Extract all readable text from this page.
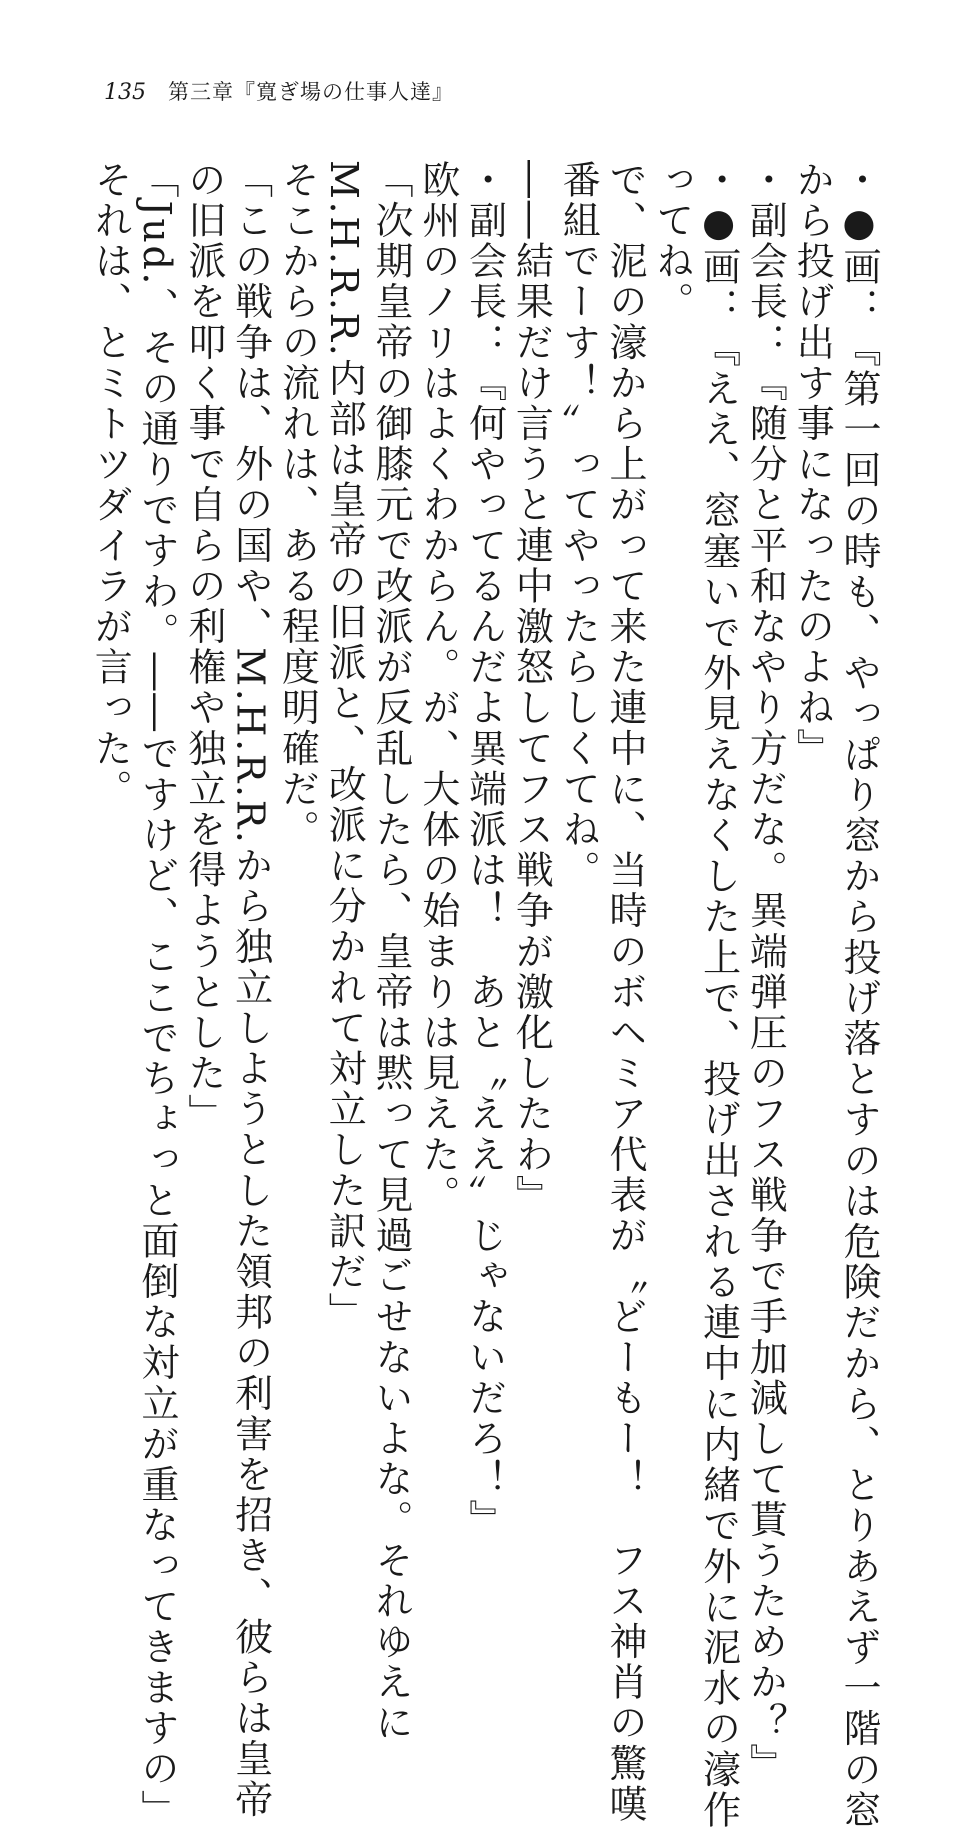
135 第三章『寛ぎ場の仕事人達』
・●画：『第一回の時も、やっぱり窓から投げ落とすのは危険だから、とりあえず一階の窓
から投げ出す事になったのよね』
・副会長：『随分と平和なやり方だな。異端弾圧のフス戦争で手加減して貰うためか？』
・●画：『ええ、窓塞いで外見えなくした上で、投げ出される連中に内緒で外に泥水の濠作
ってね。
で、泥の濠から上がって来た連中に、当時のボヘミア代表が〝どーもー！　フス神肖の驚嘆
番組でーす！〟ってやったらしくてね。
――結果だけ言うと連中激怒してフス戦争が激化したわ』
・副会長：『何やってるんだよ異端派は！　あと〝ええ〟じゃないだろ！』
欧州のノリはよくわからん。が、大体の始まりは見えた。
「次期皇帝の御膝元で改派が反乱したら、皇帝は黙って見過ごせないよな。それゆえに
M.H.R.R.内部は皇帝の旧派と、改派に分かれて対立した訳だ」
そこからの流れは、ある程度明確だ。
「この戦争は、外の国や、M.H.R.R.から独立しようとした領邦の利害を招き、彼らは皇帝
の旧派を叩く事で自らの利権や独立を得ようとした」
「Jud.、その通りですわ。――ですけど、ここでちょっと面倒な対立が重なってきますの」
それは、とミトツダイラが言った。
